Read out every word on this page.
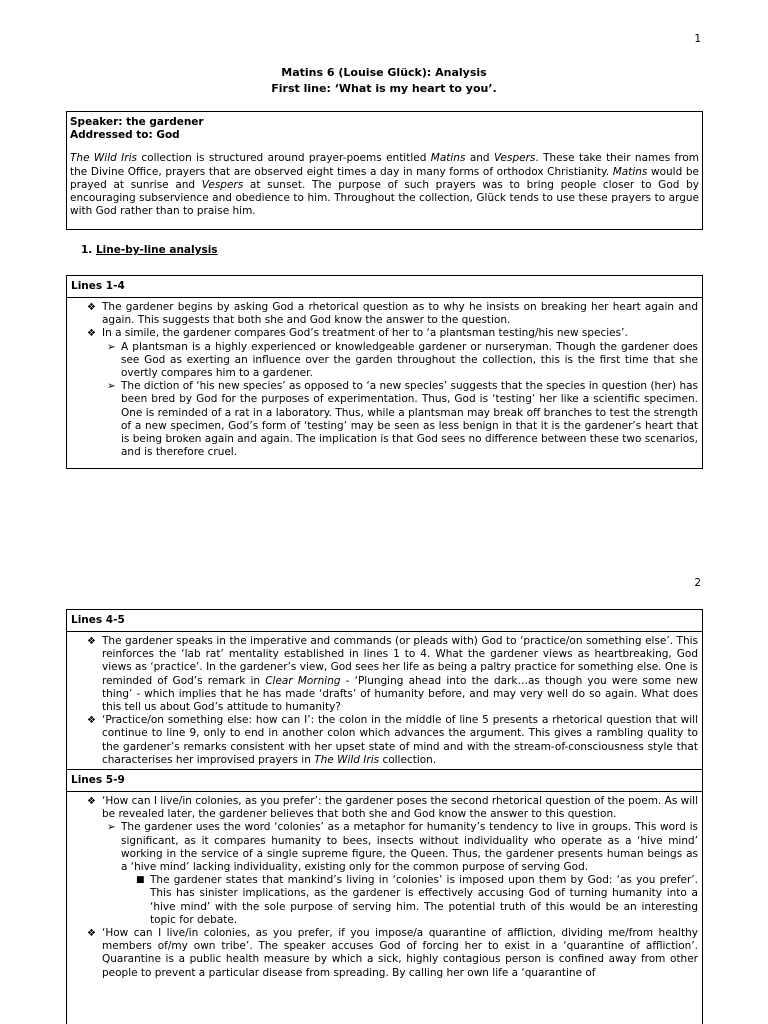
1
Matins 6 (Louise Glück): Analysis
First line: ‘What is my heart to you’.
Speaker: the gardener
Addressed to: God

The Wild Iris collection is structured around prayer-poems entitled Matins and Vespers. These take their names from the Divine Office, prayers that are observed eight times a day in many forms of orthodox Christianity. Matins would be prayed at sunrise and Vespers at sunset. The purpose of such prayers was to bring people closer to God by encouraging subservience and obedience to him. Throughout the collection, Glück tends to use these prayers to argue with God rather than to praise him.

1. Line-by-line analysis
Lines 1-4
❖ The gardener begins by asking God a rhetorical question as to why he insists on breaking her heart again and again. This suggests that both she and God know the answer to the question.
❖ In a simile, the gardener compares God’s treatment of her to ‘a plantsman testing/his new species’.
➢ A plantsman is a highly experienced or knowledgeable gardener or nurseryman. Though the gardener does see God as exerting an influence over the garden throughout the collection, this is the first time that she overtly compares him to a gardener.
➢ The diction of ‘his new species’ as opposed to ‘a new species’ suggests that the species in question (her) has been bred by God for the purposes of experimentation. Thus, God is ‘testing’ her like a scientific specimen. One is reminded of a rat in a laboratory. Thus, while a plantsman may break off branches to test the strength of a new specimen, God’s form of ‘testing’ may be seen as less benign in that it is the gardener’s heart that is being broken again and again. The implication is that God sees no difference between these two scenarios, and is therefore cruel.
2
Lines 4-5
❖ The gardener speaks in the imperative and commands (or pleads with) God to ‘practice/on something else’. This reinforces the ‘lab rat’ mentality established in lines 1 to 4. What the gardener views as heartbreaking, God views as ‘practice’. In the gardener’s view, God sees her life as being a paltry practice for something else. One is reminded of God’s remark in Clear Morning - ‘Plunging ahead into the dark…as though you were some new thing’ - which implies that he has made ‘drafts’ of humanity before, and may very well do so again. What does this tell us about God’s attitude to humanity?
❖ ‘Practice/on something else: how can I’: the colon in the middle of line 5 presents a rhetorical question that will continue to line 9, only to end in another colon which advances the argument. This gives a rambling quality to the gardener’s remarks consistent with her upset state of mind and with the stream-of-consciousness style that characterises her improvised prayers in The Wild Iris collection.
Lines 5-9
❖ ‘How can I live/in colonies, as you prefer’: the gardener poses the second rhetorical question of the poem. As will be revealed later, the gardener believes that both she and God know the answer to this question.
➢ The gardener uses the word ‘colonies’ as a metaphor for humanity’s tendency to live in groups. This word is significant, as it compares humanity to bees, insects without individuality who operate as a ‘hive mind’ working in the service of a single supreme figure, the Queen. Thus, the gardener presents human beings as a ‘hive mind’ lacking individuality, existing only for the common purpose of serving God.
■ The gardener states that mankind’s living in ‘colonies’ is imposed upon them by God: ‘as you prefer’. This has sinister implications, as the gardener is effectively accusing God of turning humanity into a ‘hive mind’ with the sole purpose of serving him. The potential truth of this would be an interesting topic for debate.
❖ ‘How can I live/in colonies, as you prefer, if you impose/a quarantine of affliction, dividing me/from healthy members of/my own tribe’. The speaker accuses God of forcing her to exist in a ‘quarantine of affliction’. Quarantine is a public health measure by which a sick, highly contagious person is confined away from other people to prevent a particular disease from spreading. By calling her own life a ‘quarantine of
